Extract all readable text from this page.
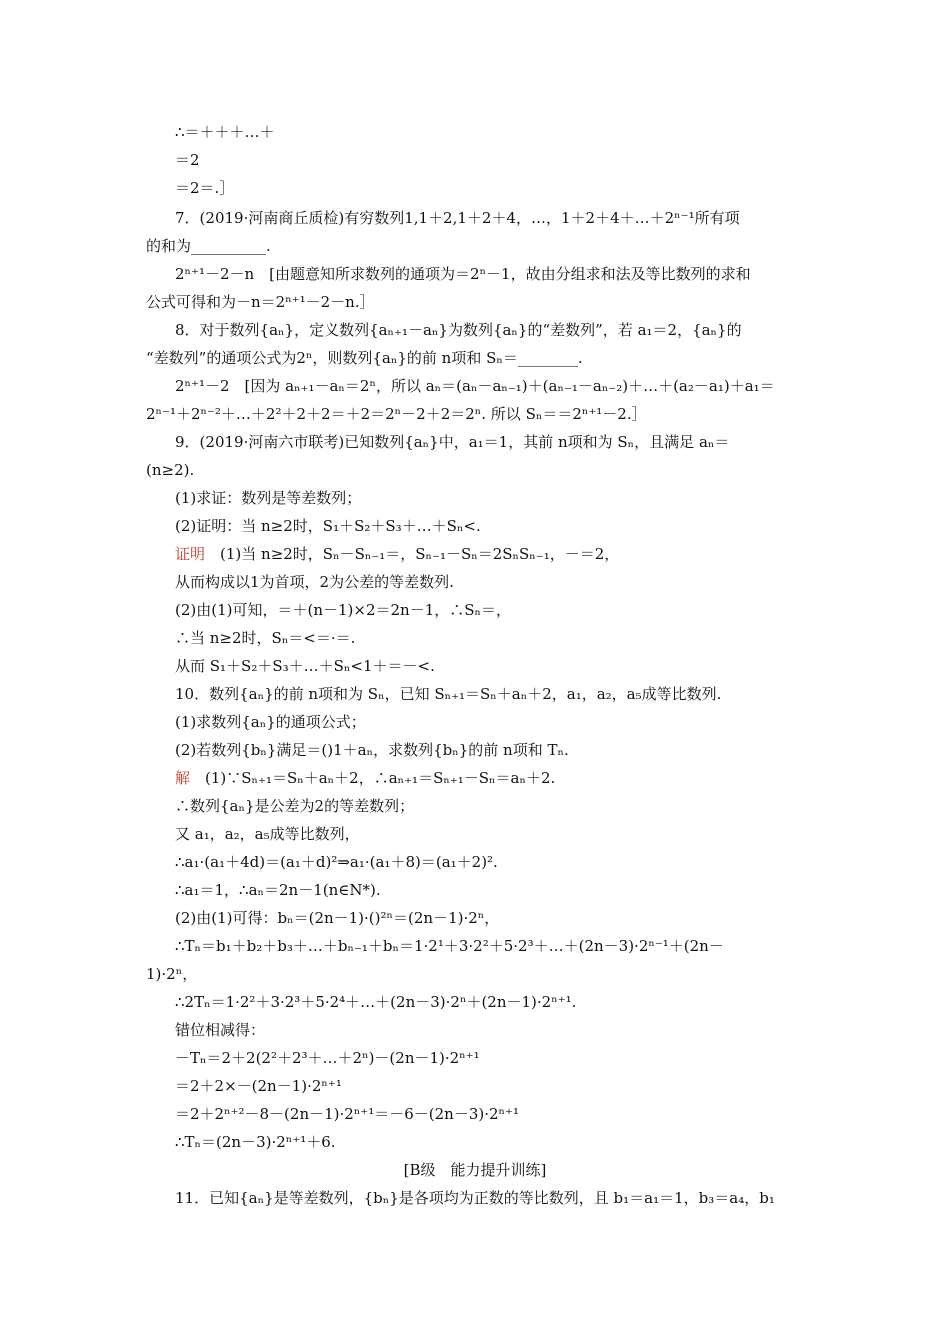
∴＝＋＋＋…＋
＝2
＝2＝.］
7．(2019·河南商丘质检)有穷数列1,1＋2,1＋2＋4，…，1＋2＋4＋…＋2ⁿ⁻¹所有项
的和为__________.
2ⁿ⁺¹－2－n　[由题意知所求数列的通项为＝2ⁿ－1，故由分组求和法及等比数列的求和
公式可得和为－n＝2ⁿ⁺¹－2－n.］
8．对于数列{aₙ}，定义数列{aₙ₊₁－aₙ}为数列{aₙ}的“差数列”，若 a₁＝2，{aₙ}的
“差数列”的通项公式为2ⁿ，则数列{aₙ}的前 n项和 Sₙ＝________.
2ⁿ⁺¹－2　[因为 aₙ₊₁－aₙ＝2ⁿ，所以 aₙ＝(aₙ－aₙ₋₁)＋(aₙ₋₁－aₙ₋₂)＋…＋(a₂－a₁)＋a₁＝
2ⁿ⁻¹＋2ⁿ⁻²＋…＋2²＋2＋2＝＋2＝2ⁿ－2＋2＝2ⁿ. 所以 Sₙ＝＝2ⁿ⁺¹－2.］
9．(2019·河南六市联考)已知数列{aₙ}中，a₁＝1，其前 n项和为 Sₙ，且满足 aₙ＝
(n≥2).
(1)求证：数列是等差数列；
(2)证明：当 n≥2时，S₁＋S₂＋S₃＋…＋Sₙ<.
证明　(1)当 n≥2时，Sₙ－Sₙ₋₁＝，Sₙ₋₁－Sₙ＝2SₙSₙ₋₁，－＝2，
从而构成以1为首项，2为公差的等差数列.
(2)由(1)可知，＝＋(n－1)×2＝2n－1，∴Sₙ＝，
∴当 n≥2时，Sₙ＝<＝·＝.
从而 S₁＋S₂＋S₃＋…＋Sₙ<1＋＝－<.
10．数列{aₙ}的前 n项和为 Sₙ，已知 Sₙ₊₁＝Sₙ＋aₙ＋2，a₁，a₂，a₅成等比数列.
(1)求数列{aₙ}的通项公式；
(2)若数列{bₙ}满足＝()1＋aₙ，求数列{bₙ}的前 n项和 Tₙ.
解　(1)∵Sₙ₊₁＝Sₙ＋aₙ＋2，∴aₙ₊₁＝Sₙ₊₁－Sₙ＝aₙ＋2.
∴数列{aₙ}是公差为2的等差数列；
又 a₁，a₂，a₅成等比数列，
∴a₁·(a₁＋4d)＝(a₁＋d)²⇒a₁·(a₁＋8)＝(a₁＋2)².
∴a₁＝1，∴aₙ＝2n－1(n∈N*).
(2)由(1)可得：bₙ＝(2n－1)·()²ⁿ＝(2n－1)·2ⁿ，
∴Tₙ＝b₁＋b₂＋b₃＋…＋bₙ₋₁＋bₙ＝1·2¹＋3·2²＋5·2³＋…＋(2n－3)·2ⁿ⁻¹＋(2n－
1)·2ⁿ，
∴2Tₙ＝1·2²＋3·2³＋5·2⁴＋…＋(2n－3)·2ⁿ＋(2n－1)·2ⁿ⁺¹.
错位相减得：
－Tₙ＝2＋2(2²＋2³＋…＋2ⁿ)－(2n－1)·2ⁿ⁺¹
＝2＋2×－(2n－1)·2ⁿ⁺¹
＝2＋2ⁿ⁺²－8－(2n－1)·2ⁿ⁺¹＝－6－(2n－3)·2ⁿ⁺¹
∴Tₙ＝(2n－3)·2ⁿ⁺¹＋6.
[B级　能力提升训练]
11．已知{aₙ}是等差数列，{bₙ}是各项均为正数的等比数列，且 b₁＝a₁＝1，b₃＝a₄，b₁
